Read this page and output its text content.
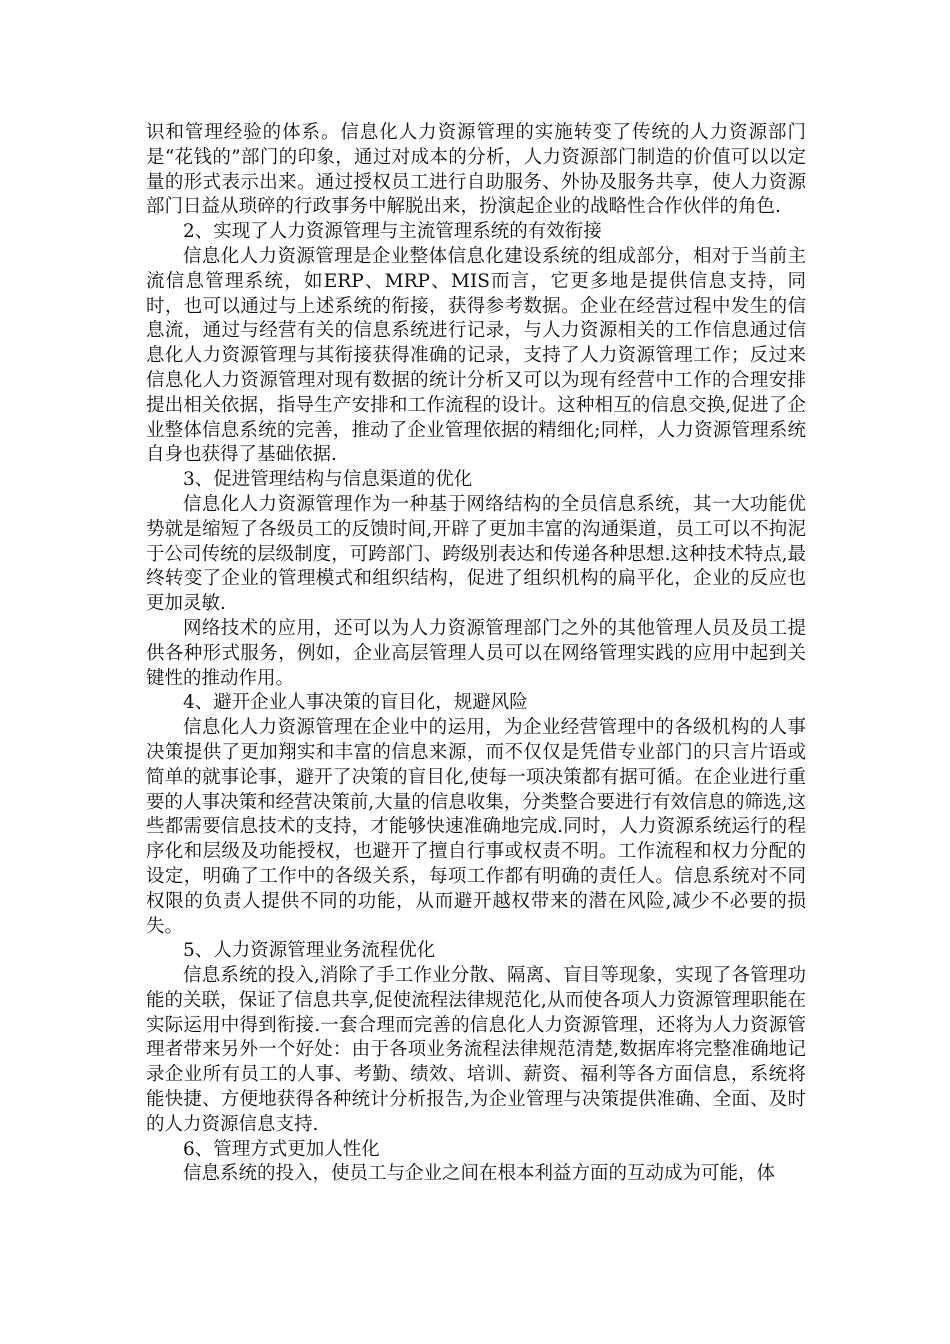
识和管理经验的体系。信息化人力资源管理的实施转变了传统的人力资源部门是“花钱的”部门的印象，通过对成本的分析，人力资源部门制造的价值可以以定量的形式表示出来。通过授权员工进行自助服务、外协及服务共享，使人力资源部门日益从琐碎的行政事务中解脱出来，扮演起企业的战略性合作伙伴的角色.

2、实现了人力资源管理与主流管理系统的有效衔接

信息化人力资源管理是企业整体信息化建设系统的组成部分，相对于当前主流信息管理系统，如ERP、MRP、MIS而言，它更多地是提供信息支持，同时，也可以通过与上述系统的衔接，获得参考数据。企业在经营过程中发生的信息流，通过与经营有关的信息系统进行记录，与人力资源相关的工作信息通过信息化人力资源管理与其衔接获得准确的记录，支持了人力资源管理工作；反过来信息化人力资源管理对现有数据的统计分析又可以为现有经营中工作的合理安排提出相关依据，指导生产安排和工作流程的设计。这种相互的信息交换,促进了企业整体信息系统的完善，推动了企业管理依据的精细化;同样，人力资源管理系统自身也获得了基础依据.

3、促进管理结构与信息渠道的优化

信息化人力资源管理作为一种基于网络结构的全员信息系统，其一大功能优势就是缩短了各级员工的反馈时间,开辟了更加丰富的沟通渠道，员工可以不拘泥于公司传统的层级制度，可跨部门、跨级别表达和传递各种思想.这种技术特点,最终转变了企业的管理模式和组织结构，促进了组织机构的扁平化，企业的反应也更加灵敏.

网络技术的应用，还可以为人力资源管理部门之外的其他管理人员及员工提供各种形式服务，例如，企业高层管理人员可以在网络管理实践的应用中起到关键性的推动作用。

4、避开企业人事决策的盲目化，规避风险

信息化人力资源管理在企业中的运用，为企业经营管理中的各级机构的人事决策提供了更加翔实和丰富的信息来源，而不仅仅是凭借专业部门的只言片语或简单的就事论事，避开了决策的盲目化,使每一项决策都有据可循。在企业进行重要的人事决策和经营决策前,大量的信息收集，分类整合要进行有效信息的筛选,这些都需要信息技术的支持，才能够快速准确地完成.同时，人力资源系统运行的程序化和层级及功能授权，也避开了擅自行事或权责不明。工作流程和权力分配的设定，明确了工作中的各级关系，每项工作都有明确的责任人。信息系统对不同权限的负责人提供不同的功能，从而避开越权带来的潜在风险,减少不必要的损失。

5、人力资源管理业务流程优化

信息系统的投入,消除了手工作业分散、隔离、盲目等现象，实现了各管理功能的关联，保证了信息共享,促使流程法律规范化,从而使各项人力资源管理职能在实际运用中得到衔接.一套合理而完善的信息化人力资源管理，还将为人力资源管理者带来另外一个好处：由于各项业务流程法律规范清楚,数据库将完整准确地记录企业所有员工的人事、考勤、绩效、培训、薪资、福利等各方面信息，系统将能快捷、方便地获得各种统计分析报告,为企业管理与决策提供准确、全面、及时的人力资源信息支持.

6、管理方式更加人性化

信息系统的投入，使员工与企业之间在根本利益方面的互动成为可能，体
